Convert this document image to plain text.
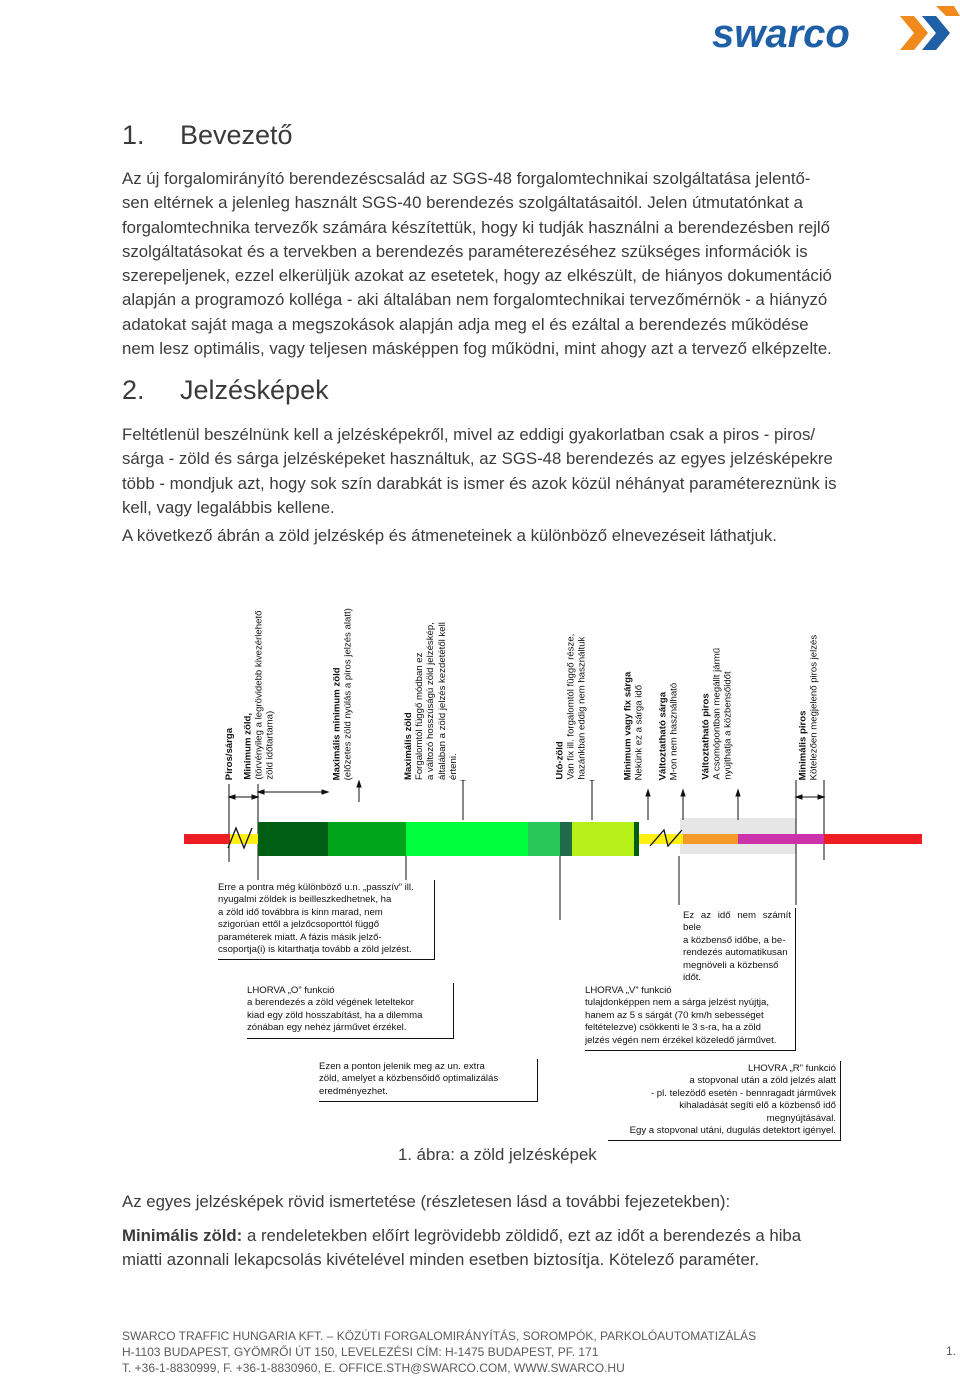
swarco
1. Bevezető
Az új forgalomirányító berendezéscsalád az SGS-48 forgalomtechnikai szolgáltatása jelentő-
sen eltérnek a jelenleg használt SGS-40 berendezés szolgáltatásaitól. Jelen útmutatónkat a
forgalomtechnika tervezők számára készítettük, hogy ki tudják használni a berendezésben rejlő
szolgáltatásokat és a tervekben a berendezés paraméterezéséhez szükséges információk is
szerepeljenek, ezzel elkerüljük azokat az esetetek, hogy az elkészült, de hiányos dokumentáció
alapján a programozó kolléga - aki általában nem forgalomtechnikai tervezőmérnök - a hiányzó
adatokat saját maga a megszokások alapján adja meg el és ezáltal a berendezés működése
nem lesz optimális, vagy teljesen másképpen fog működni, mint ahogy azt a tervező elképzelte.
2. Jelzésképek
Feltétlenül beszélnünk kell a jelzésképekről, mivel az eddigi gyakorlatban csak a piros - piros/
sárga - zöld és sárga jelzésképeket használtuk, az SGS-48 berendezés az egyes jelzésképekre
több - mondjuk azt, hogy sok szín darabkát is ismer és azok közül néhányat paramétereznünk is
kell, vagy legalábbis kellene.
A következő ábrán a zöld jelzéskép és átmeneteinek a különböző elnevezéseit láthatjuk.
Piros/sárga Minimum zöld,
(törvényileg a legrövidebb kivezérlehető
zöld időtartama)	Maximális minimum zöld
(előzetes zöld nyúlás a piros jelzés alatt)	Maximális zöld
Forgalomtól függő módban ez
a változó hosszúságú zöld jelzéskép,
általában a zöld jelzés kezdetétől kell
érteni.	Utó-zöld
Van fix ill. forgalomtól függő része,
hazánkban eddig nem használtuk	Minimum vagy fix sárga
Nekünk ez a sárga idő Változtatható sárga
M-on nem használható Változtatható piros
A csomópontban megállt jármű
nyújthatja a közbensőidőt	Minimális piros
Kötelezően megjelenő piros jelzés
Erre a pontra még különböző u.n. „passzív” ill.
nyugalmi zöldek is beilleszkedhetnek, ha
a zöld idő továbbra is kinn marad, nem
szigorúan ettől a jelzőcsoporttól függő
paraméterek miatt. A fázis másik jelző-
csoportja(i) is kitarthatja tovább a zöld jelzést.
Ez az idő nem számít bele
a közbenső időbe, a be-
rendezés automatikusan
megnöveli a közbenső
időt.
LHORVA „O” funkció
a berendezés a zöld végének leteltekor
kiad egy zöld hosszabítást, ha a dilemma
zónában egy nehéz járművet érzékel.
LHORVA „V” funkció
tulajdonképpen nem a sárga jelzést nyújtja,
hanem az 5 s sárgát (70 km/h sebességet
feltételezve) csökkenti le 3 s-ra, ha a zöld
jelzés végén nem érzékel közeledő járművet.
Ezen a ponton jelenik meg az un. extra
zöld, amelyet a közbensőidő optimalizálás
eredményezhet.
LHOVRA „R” funkció
a stopvonal után a zöld jelzés alatt
- pl. telezödő esetén - bennragadt járművek
kihaladását segíti elő a közbenső idő
megnyújtásával.
Egy a stopvonal utáni, dugulás detektort igényel.
1. ábra: a zöld jelzésképek
Az egyes jelzésképek rövid ismertetése (részletesen lásd a további fejezetekben):
Minimális zöld: a rendeletekben előírt legrövidebb zöldidő, ezt az időt a berendezés a hiba
miatti azonnali lekapcsolás kivételével minden esetben biztosítja. Kötelező paraméter.
SWARCO TRAFFIC HUNGARIA KFT. – KÖZÚTI FORGALOMIRÁNYÍTÁS, SOROMPÓK, PARKOLÓAUTOMATIZÁLÁS
H-1103 BUDAPEST, GYÖMRŐI ÚT 150, LEVELEZÉSI CÍM: H-1475 BUDAPEST, PF. 171
T. +36-1-8830999, F. +36-1-8830960, E. OFFICE.STH@SWARCO.COM, WWW.SWARCO.HU
1.
